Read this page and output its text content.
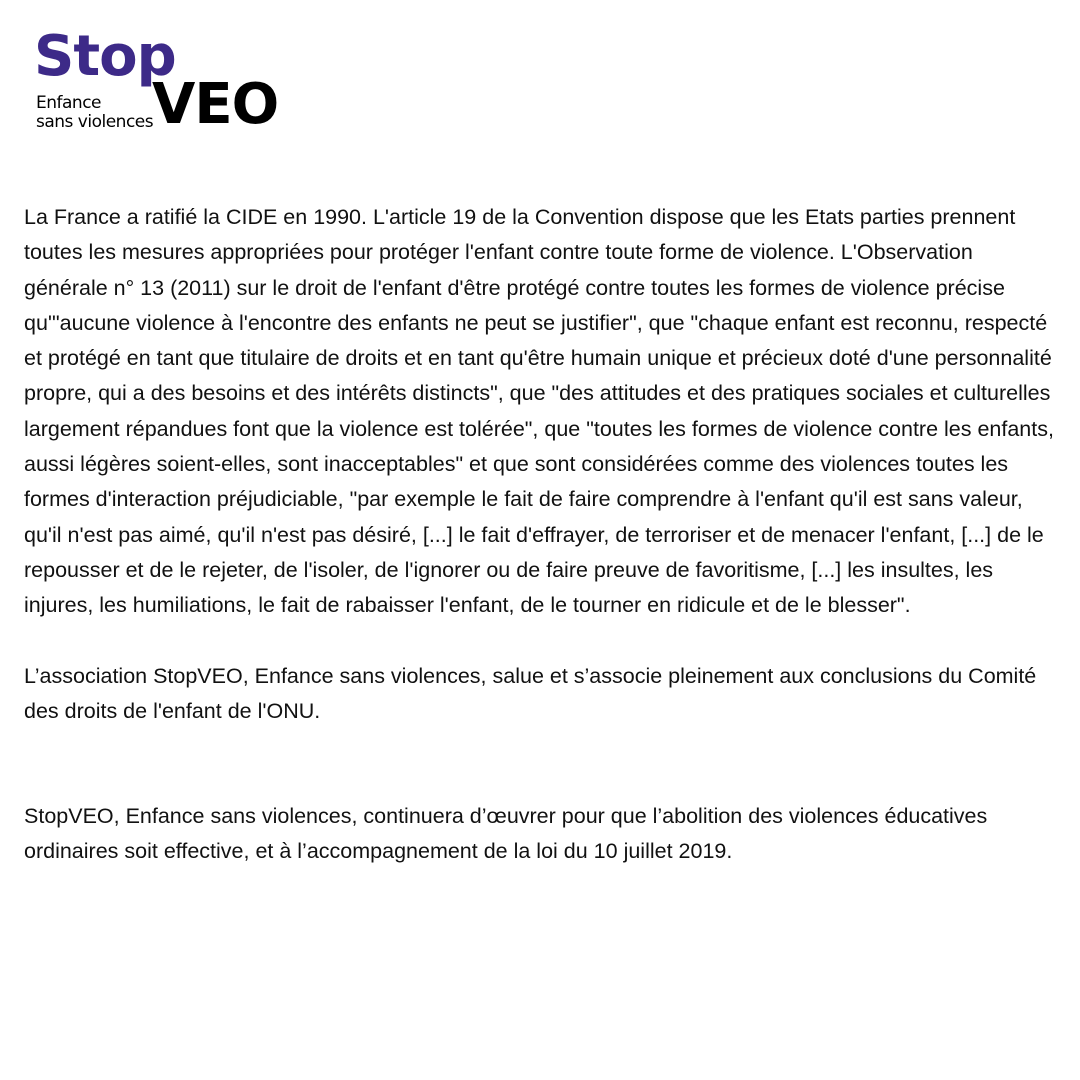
Stop
Enfance
sans violences
VEO

La France a ratifié la CIDE en 1990. L'article 19 de la Convention dispose que les Etats parties prennent toutes les mesures appropriées pour protéger l'enfant contre toute forme de violence. L'Observation générale n° 13 (2011) sur le droit de l'enfant d'être protégé contre toutes les formes de violence précise qu'"aucune violence à l'encontre des enfants ne peut se justifier", que "chaque enfant est reconnu, respecté et protégé en tant que titulaire de droits et en tant qu'être humain unique et précieux doté d'une personnalité propre, qui a des besoins et des intérêts distincts", que "des attitudes et des pratiques sociales et culturelles largement répandues font que la violence est tolérée", que "toutes les formes de violence contre les enfants, aussi légères soient-elles, sont inacceptables" et que sont considérées comme des violences toutes les formes d'interaction préjudiciable, "par exemple le fait de faire comprendre à l'enfant qu'il est sans valeur, qu'il n'est pas aimé, qu'il n'est pas désiré, [...] le fait d'effrayer, de terroriser et de menacer l'enfant, [...] de le repousser et de le rejeter, de l'isoler, de l'ignorer ou de faire preuve de favoritisme, [...] les insultes, les injures, les humiliations, le fait de rabaisser l'enfant, de le tourner en ridicule et de le blesser".

L’association StopVEO, Enfance sans violences, salue et s’associe pleinement aux conclusions du Comité des droits de l'enfant de l'ONU.

StopVEO, Enfance sans violences, continuera d’œuvrer pour que l’abolition des violences éducatives ordinaires soit effective, et à l’accompagnement de la loi du 10 juillet 2019.
